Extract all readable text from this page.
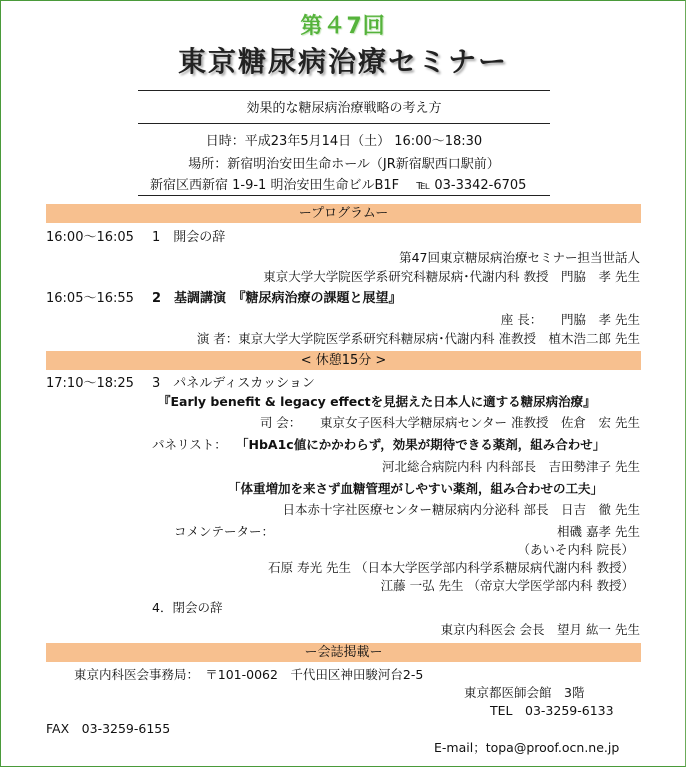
第４7回
東京糖尿病治療セミナー
効果的な糖尿病治療戦略の考え方
日時：平成23年5月14日（土） 16:00～18:30
場所：新宿明治安田生命ホール（JR新宿駅西口駅前）
新宿区西新宿 1-9-1 明治安田生命ビルB1F　 ℡ 03-3342-6705
ープログラムー
16:00～16:05 1　開会の辞
第47回東京糖尿病治療セミナー担当世話人
東京大学大学院医学系研究科糖尿病･代謝内科 教授　門脇　孝 先生
16:05～16:55 2　基調講演　『糖尿病治療の課題と展望』
座 長：　　門脇　孝 先生
演 者：東京大学大学院医学系研究科糖尿病･代謝内科 准教授　植木浩二郎 先生
< 休憩15分 >
17:10～18:25 3　パネルディスカッション
『Early benefit & legacy effectを見据えた日本人に適する糖尿病治療』
司 会：　　東京女子医科大学糖尿病センター 准教授　佐倉　宏 先生
パネリスト： 「HbA1c値にかかわらず，効果が期待できる薬剤，組み合わせ」
河北総合病院内科 内科部長　吉田勢津子 先生
「体重増加を来さず血糖管理がしやすい薬剤，組み合わせの工夫」
日本赤十字社医療センター糖尿病内分泌科 部長　日吉　徹 先生
コメンテーター：	相磯 嘉孝 先生
（あいそ内科 院長）
石原 寿光 先生 （日本大学医学部内科学系糖尿病代謝内科 教授）
江藤 一弘 先生 （帝京大学医学部内科 教授）
4．閉会の辞
東京内科医会 会長　望月 紘一 先生
ー会誌掲載ー
東京内科医会事務局：　〒101-0062　千代田区神田駿河台2-5
東京都医師会館　3階
TEL　03-3259-6133
FAX　03-3259-6155
E-mail；topa@proof.ocn.ne.jp
